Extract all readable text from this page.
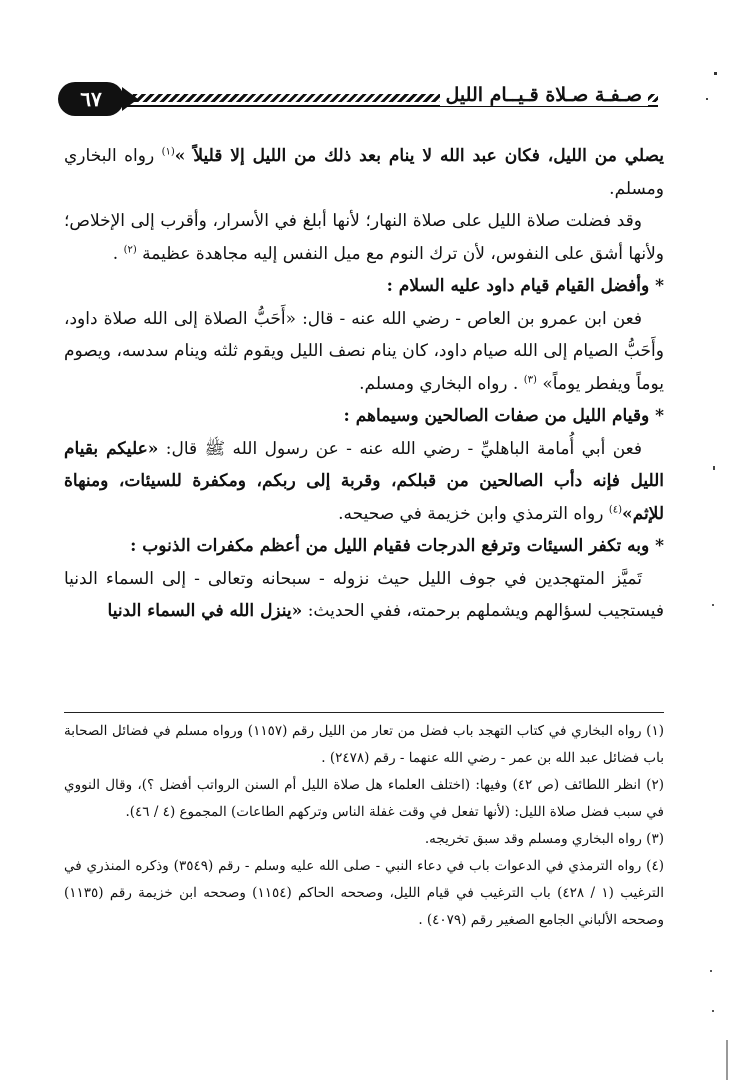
صـفـة صـلاة قـيــام الليل
٦٧

يصلي من الليل، فكان عبد الله لا ينام بعد ذلك من الليل إلا قليلاً »$^{(١)}$ رواه البخاري ومسلم.

وقد فضلت صلاة الليل على صلاة النهار؛ لأنها أبلغ في الأسرار، وأقرب إلى الإخلاص؛ ولأنها أشق على النفوس، لأن ترك النوم مع ميل النفس إليه مجاهدة عظيمة $^{(٢)}$ .

* وأفضل القيام قيام داود عليه السلام :

فعن ابن عمرو بن العاص - رضي الله عنه - قال: «أَحَبُّ الصلاة إلى الله صلاة داود، وأَحَبُّ الصيام إلى الله صيام داود، كان ينام نصف الليل ويقوم ثلثه وينام سدسه، ويصوم يوماً ويفطر يوماً» $^{(٣)}$ . رواه البخاري ومسلم.

* وقيام الليل من صفات الصالحين وسيماهم :

فعن أبي أُمامة الباهليِّ - رضي الله عنه - عن رسول الله ﷺ قال: «عليكم بقيام الليل فإنه دأب الصالحين من قبلكم، وقربة إلى ربكم، ومكفرة للسيئات، ومنهاة للإثم»$^{(٤)}$ رواه الترمذي وابن خزيمة في صحيحه.

* وبه تكفر السيئات وترفع الدرجات فقيام الليل من أعظم مكفرات الذنوب :

تَميَّز المتهجدين في جوف الليل حيث نزوله - سبحانه وتعالى - إلى السماء الدنيا فيستجيب لسؤالهم ويشملهم برحمته، ففي الحديث: «ينزل الله في السماء الدنيا

(١) رواه البخاري في كتاب التهجد باب فضل من تعار من الليل رقم (١١٥٧) ورواه مسلم في فضائل الصحابة باب فضائل عبد الله بن عمر - رضي الله عنهما - رقم (٢٤٧٨) .

(٢) انظر اللطائف (ص ٤٢) وفيها: (اختلف العلماء هل صلاة الليل أم السنن الرواتب أفضل ؟)، وقال النووي في سبب فضل صلاة الليل: (لأنها تفعل في وقت غفلة الناس وتركهم الطاعات) المجموع (٤ / ٤٦).

(٣) رواه البخاري ومسلم وقد سبق تخريجه.

(٤) رواه الترمذي في الدعوات باب في دعاء النبي - صلى الله عليه وسلم - رقم (٣٥٤٩) وذكره المنذري في الترغيب (١ / ٤٢٨) باب الترغيب في قيام الليل، وصححه الحاكم (١١٥٤) وصححه ابن خزيمة رقم (١١٣٥) وصححه الألباني الجامع الصغير رقم (٤٠٧٩) .
